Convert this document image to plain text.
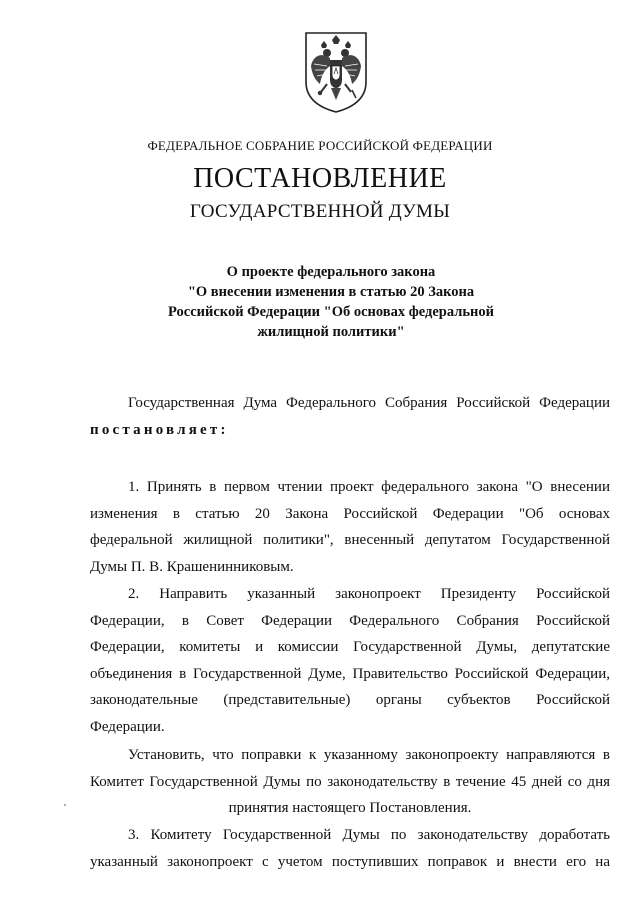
ФЕДЕРАЛЬНОЕ СОБРАНИЕ РОССИЙСКОЙ ФЕДЕРАЦИИ
ПОСТАНОВЛЕНИЕ
ГОСУДАРСТВЕННОЙ ДУМЫ
О проекте федерального закона
"О внесении изменения в статью 20 Закона
Российской Федерации "Об основах федеральной
жилищной политики"
Государственная Дума Федерального Собрания Российской Федерации
постановляет:
1. Принять в первом чтении проект федерального закона "О внесении
изменения в статью 20 Закона Российской Федерации "Об основах
федеральной жилищной политики", внесенный депутатом Государственной
Думы П. В. Крашенинниковым.
2. Направить указанный законопроект Президенту Российской
Федерации, в Совет Федерации Федерального Собрания Российской
Федерации, комитеты и комиссии Государственной Думы, депутатские
объединения в Государственной Думе, Правительство Российской Федерации,
законодательные (представительные) органы субъектов Российской
Федерации.
Установить, что поправки к указанному законопроекту направляются в
Комитет Государственной Думы по законодательству в течение 45 дней со дня
принятия настоящего Постановления.
3. Комитету Государственной Думы по законодательству доработать
указанный законопроект с учетом поступивших поправок и внести его на
